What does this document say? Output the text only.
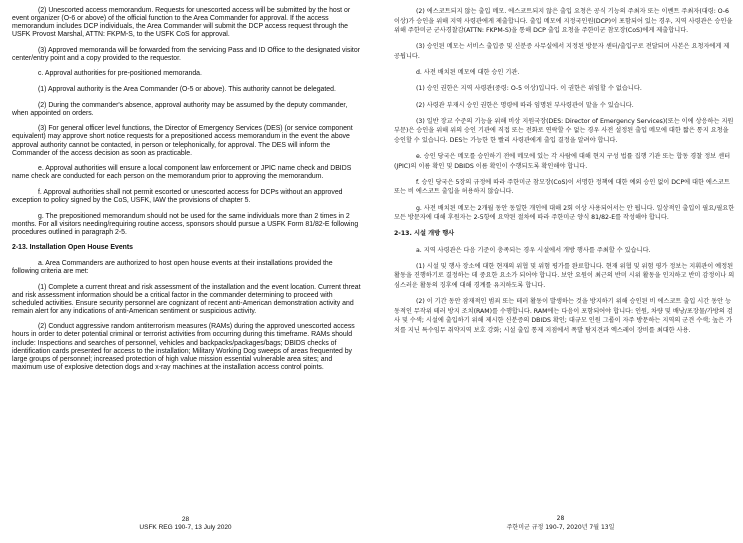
(2) Unescorted access memorandum. Requests for unescorted access will be submitted by the host or event organizer (O-6 or above) of the official function to the Area Commander for approval. If the access memorandum includes DCP individuals, the Area Commander will submit the DCP access request through the USFK Provost Marshal, ATTN: FKPM-S, to the USFK CoS for approval.

(3) Approved memoranda will be forwarded from the servicing Pass and ID Office to the designated visitor center/entry point and a copy provided to the requestor.

c. Approval authorities for pre-positioned memoranda.

(1) Approval authority is the Area Commander (O-5 or above). This authority cannot be delegated.

(2) During the commander's absence, approval authority may be assumed by the deputy commander, when appointed on orders.

(3) For general officer level functions, the Director of Emergency Services (DES) (or service component equivalent) may approve short notice requests for a prepositioned access memorandum in the event the above approval authority cannot be contacted, in person or telephonically, for approval. The DES will inform the Commander of the access decision as soon as practicable.

e. Approval authorities will ensure a local component law enforcement or JPIC name check and DBIDS name check are conducted for each person on the memorandum prior to approving the memorandum.

f. Approval authorities shall not permit escorted or unescorted access for DCPs without an approved exception to policy signed by the CoS, USFK, IAW the provisions of chapter 5.

g. The prepositioned memorandum should not be used for the same individuals more than 2 times in 2 months. For all visitors needing/requiring routine access, sponsors should pursue a USFK Form 81/82-E following procedures outlined in paragraph 2-5.

2-13. Installation Open House Events

a. Area Commanders are authorized to host open house events at their installations provided the following criteria are met:

(1) Complete a current threat and risk assessment of the installation and the event location. Current threat and risk assessment information should be a critical factor in the commander determining to proceed with scheduled activities. Ensure security personnel are cognizant of recent anti-American demonstration activity and remain alert for any indications of anti-American sentiment or suspicious activity.

(2) Conduct aggressive random antiterrorism measures (RAMs) during the approved unescorted access hours in order to deter potential criminal or terrorist activities from occurring during this timeframe. RAMs should include: Inspections and searches of personnel, vehicles and backpacks/packages/bags; DBIDS checks of identification cards presented for access to the installation; Military Working Dog sweeps of areas frequented by large groups of personnel; increased protection of high value mission essential vulnerable area sites; and maximum use of explosive detection dogs and x-ray machines at the installation access control points.

28
USFK REG 190-7, 13 July 2020

(2) 에스코트되지 않는 출입 메모. 에스코트되지 않은 출입 요청은 공식 기능의 주최자 또는 이벤트 주최자(대령: O-6 이상)가 승인을 위해 지역 사령관에게 제출합니다. 출입 메모에 지정국인원(DCP)이 포함되어 있는 경우, 지역 사령관은 승인을 위해 주한미군 군사경찰감(ATTN: FKPM-S)을 통해 DCP 출입 요청을 주한미군 참모장(CoS)에게 제출합니다.

(3) 승인된 메모는 서비스 출입증 및 신분증 사무실에서 지정된 방문자 센터/출입구로 전달되며 사본은 요청자에게 제공됩니다.

d. 사전 배치된 메모에 대한 승인 기관.

(1) 승인 권한은 지역 사령관(중령: O-5 이상)입니다. 이 권한은 위임할 수 없습니다.

(2) 사령관 부재시 승인 권한은 명령에 따라 임명된 부사령관이 맡을 수 있습니다.

(3) 일반 장교 수준의 기능을 위해 비상 지원국장(DES: Director of Emergency Services)(또는 이에 상응하는 지원 부문)은 승인을 위해 위의 승인 기관에 직접 또는 전화로 연락할 수 없는 경우 사전 설정된 출입 메모에 대한 짧은 통지 요청을 승인할 수 있습니다. DES는 가능한 한 빨리 사령관에게 출입 결정을 알려야 합니다.

e. 승인 당국은 메모를 승인하기 전에 메모에 있는 각 사람에 대해 현지 구성 법률 집행 기관 또는 합동 경찰 정보 센터(JPIC)의 이름 확인 및 DBIDS 이름 확인이 수행되도록 확인해야 합니다.

f. 승인 당국은 5장의 규정에 따라 주한미군 참모장(CoS)이 서명한 정책에 대한 예외 승인 없이 DCP에 대한 에스코트 또는 비 에스코트 출입을 허용하지 않습니다.

g. 사전 배치된 메모는 2개월 동안 동일한 개인에 대해 2회 이상 사용되어서는 안 됩니다. 일상적인 출입이 필요/필요한 모든 방문자에 대해 후원자는 2-5항에 요약된 절차에 따라 주한미군 양식 81/82-E를 작성해야 합니다.

2-13. 시설 개방 행사

a. 지역 사령관은 다음 기준이 충족되는 경우 시설에서 개방 행사를 주최할 수 있습니다.

(1) 시설 및 행사 장소에 대한 현재의 위협 및 위험 평가를 완료합니다. 현재 위협 및 위험 평가 정보는 지휘관이 예정된 활동을 진행하기로 결정하는 데 중요한 요소가 되어야 합니다. 보안 요원이 최근의 반미 시위 활동을 인지하고 반미 감정이나 의심스러운 활동의 징후에 대해 경계를 유지하도록 합니다.

(2) 이 기간 동안 잠재적인 범죄 또는 테러 활동이 발생하는 것을 방지하기 위해 승인된 비 에스코트 출입 시간 동안 능동적인 무작위 테러 방지 조치(RAM)를 수행합니다. RAM에는 다음이 포함되어야 합니다: 인원, 차량 및 배낭/포장물/가방의 검사 및 수색; 시설에 출입하기 위해 제시한 신분증의 DBIDS 확인; 대규모 인원 그룹이 자주 방문하는 지역의 군견 수색; 높은 가치를 지닌 특수임무 취약지역 보호 강화; 시설 출입 통제 지점에서 폭발 탐지견과 엑스레이 장비를 최대한 사용.

28
주한미군 규정 190-7, 2020년 7월 13일
